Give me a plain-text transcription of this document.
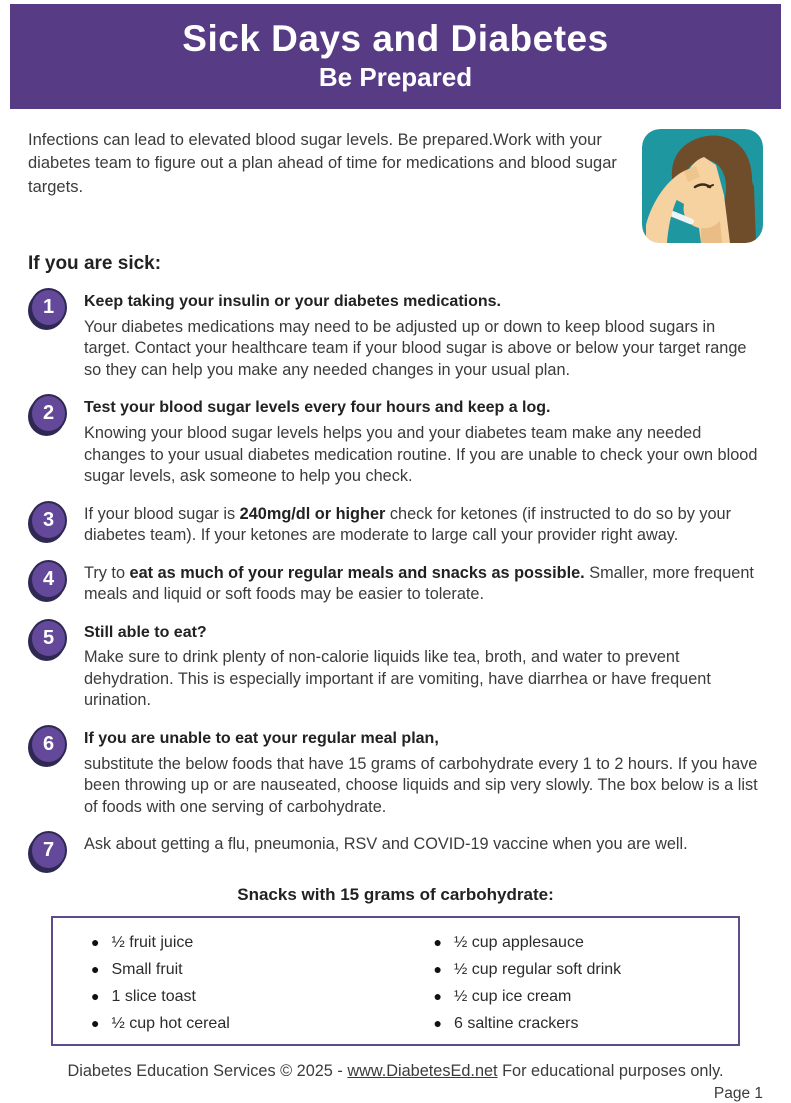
Sick Days and Diabetes
Be Prepared
Infections can lead to elevated blood sugar levels. Be prepared.Work with your diabetes team to figure out a plan ahead of time for medications and blood sugar targets.
If you are sick:
1	Keep taking your insulin or your diabetes medications.

Your diabetes medications may need to be adjusted up or down to keep blood sugars in target. Contact your healthcare team if your blood sugar is above or below your target range so they can help you make any needed changes in your usual plan.

2	Test your blood sugar levels every four hours and keep a log.

Knowing your blood sugar levels helps you and your diabetes team make any needed changes to your usual diabetes medication routine. If you are unable to check your own blood sugar levels, ask someone to help you check.

3	If your blood sugar is 240mg/dl or higher check for ketones (if instructed to do so by your diabetes team). If your ketones are moderate to large call your provider right away.

4	Try to eat as much of your regular meals and snacks as possible. Smaller, more frequent meals and liquid or soft foods may be easier to tolerate.

5	Still able to eat?

Make sure to drink plenty of non-calorie liquids like tea, broth, and water to prevent dehydration. This is especially important if are vomiting, have diarrhea or have frequent urination.

6	If you are unable to eat your regular meal plan,

substitute the below foods that have 15 grams of carbohydrate every 1 to 2 hours. If you have been throwing up or are nauseated, choose liquids and sip very slowly. The box below is a list of foods with one serving of carbohydrate.

7	Ask about getting a flu, pneumonia, RSV and COVID-19 vaccine when you are well.

Snacks with 15 grams of carbohydrate:
● ½ fruit juice
● Small fruit
● 1 slice toast
● ½ cup hot cereal
● ½ cup applesauce
● ½ cup regular soft drink
● ½ cup ice cream
● 6 saltine crackers
Diabetes Education Services © 2025 - www.DiabetesEd.net For educational purposes only.
Page 1
